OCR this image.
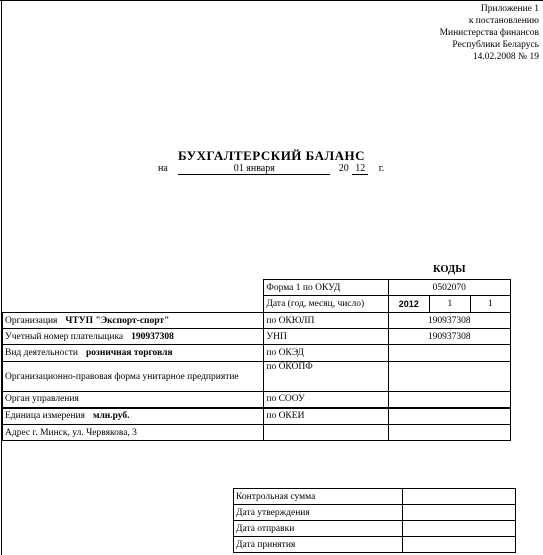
Приложение 1
к постановлению
Министерства финансов
Республики Беларусь
14.02.2008 № 19
БУХГАЛТЕРСКИЙ БАЛАНС
на	01 января	20 12 г.
КОДЫ
	Форма 1 по ОКУД	0502070		
	Дата (год, месяц, число)	2012	1	1
Организация ЧТУП "Экспорт-спорт"	по ОКЮЛП	190937308		
Учетный номер плательщика 190937308	УНП	190937308		
Вид деятельности розничная торговля	по ОКЭД			
Организационно-правовая форма унитарное предприятие	по ОКОПФ			
Орган управления	по СООУ			
Единица измерения млн.руб.	по ОКЕИ			
Адрес г. Минск, ул. Червякова, 3				
Контрольная сумма	
Дата утверждения	
Дата отправки	
Дата принятия	
